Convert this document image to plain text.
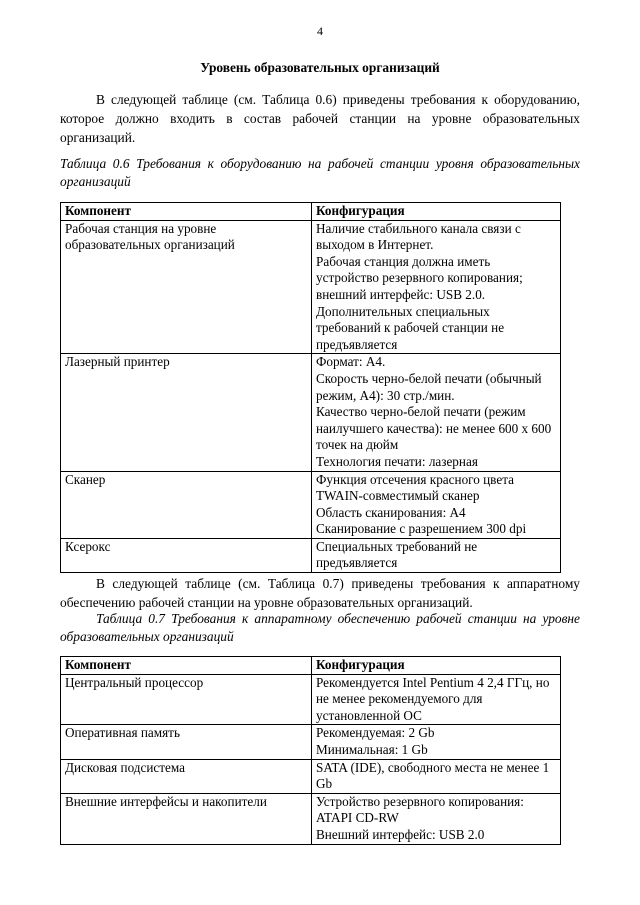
4
Уровень образовательных организаций

В следующей таблице (см. Таблица 0.6) приведены требования к оборудованию, которое должно входить в состав рабочей станции на уровне образовательных организаций.

Таблица 0.6 Требования к оборудованию на рабочей станции уровня образовательных организаций

Компонент	Конфигурация
Рабочая станция на уровне образовательных организаций	Наличие стабильного канала связи с выходом в Интернет.
Рабочая станция должна иметь устройство резервного копирования; внешний интерфейс: USB 2.0.
Дополнительных специальных требований к рабочей станции не предъявляется

Лазерный принтер	Формат: A4.
Скорость черно-белой печати (обычный режим, A4): 30 стр./мин.
Качество черно-белой печати (режим наилучшего качества): не менее 600 x 600 точек на дюйм
Технология печати: лазерная

Сканер	Функция отсечения красного цвета
TWAIN-совместимый сканер
Область сканирования: A4
Сканирование с разрешением 300 dpi

Ксерокс	Специальных требований не предъявляется

В следующей таблице (см. Таблица 0.7) приведены требования к аппаратному обеспечению рабочей станции на уровне образовательных организаций.

Таблица 0.7 Требования к аппаратному обеспечению рабочей станции на уровне образовательных организаций

Компонент	Конфигурация
Центральный процессор	Рекомендуется Intel Pentium 4 2,4 ГГц, но не менее рекомендуемого для установленной ОС

Оперативная память	Рекомендуемая: 2 Gb
Минимальная: 1 Gb

Дисковая подсистема	SATA (IDE), свободного места не менее 1 Gb

Внешние интерфейсы и накопители	Устройство резервного копирования: ATAPI CD-RW
Внешний интерфейс: USB 2.0
